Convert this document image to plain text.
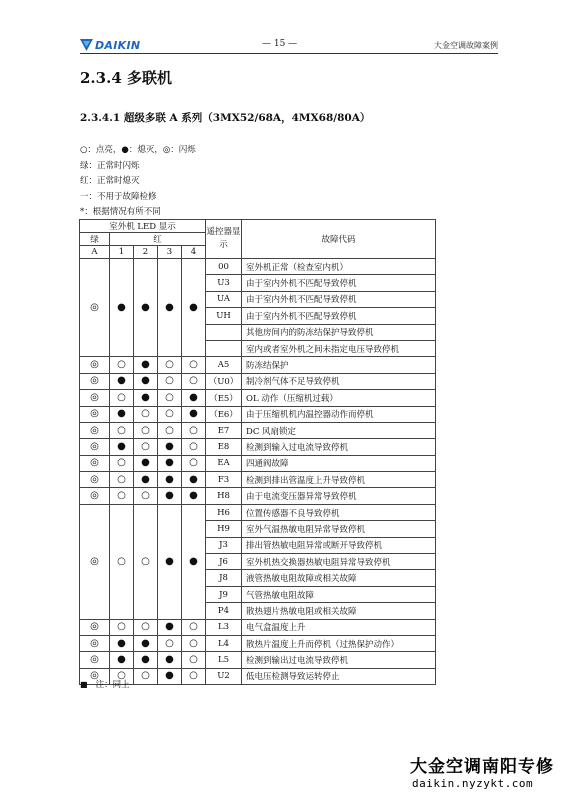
DAIKIN	— 15 —	大金空调故障案例
2.3.4 多联机
2.3.4.1 超级多联 A 系列（3MX52/68A，4MX68/80A）
○：点亮，●：熄灭，◎：闪烁
绿：正常时闪烁
红：正常时熄灭
一：不用于故障检修
*：根据情况有所不同
室外机 LED 显示					遥控器显示	故障代码
绿	红					
A	1	2	3	4		
◎	●	●	●	●	00	室外机正常（检查室内机）
					U3	由于室内外机不匹配导致停机
					UA	由于室内外机不匹配导致停机
					UH	由于室内外机不匹配导致停机
						其他房间内的防冻结保护导致停机
						室内或者室外机之间未指定电压导致停机
◎	○	●	○	○	A5	防冻结保护
◎	●	●	○	○	（U0）	制冷剂气体不足导致停机
◎	○	●	○	●	（E5）	OL 动作（压缩机过载）
◎	●	○	○	●	（E6）	由于压缩机机内温控器动作而停机
◎	○	○	○	○	E7	DC 风扇锁定
◎	●	○	●	○	E8	检测到输入过电流导致停机
◎	○	●	●	○	EA	四通阀故障
◎	○	●	●	●	F3	检测到排出管温度上升导致停机
◎	○	○	●	●	H8	由于电流变压器异常导致停机
◎	○	○	●	●	H6	位置传感器不良导致停机
					H9	室外气温热敏电阻异常导致停机
					J3	排出管热敏电阻异常或断开导致停机
					J6	室外机热交换器热敏电阻异常导致停机
					J8	液管热敏电阻故障或相关故障
					J9	气管热敏电阻故障
					P4	散热翅片热敏电阻或相关故障
◎	○	○	●	○	L3	电气盒温度上升
◎	●	●	○	○	L4	散热片温度上升而停机（过热保护动作）
◎	●	●	●	○	L5	检测到输出过电流导致停机
◎	○	○	●	○	U2	低电压检测导致运转停止
■ 注：同上
大金空调南阳专修
daikin.nyzykt.com
